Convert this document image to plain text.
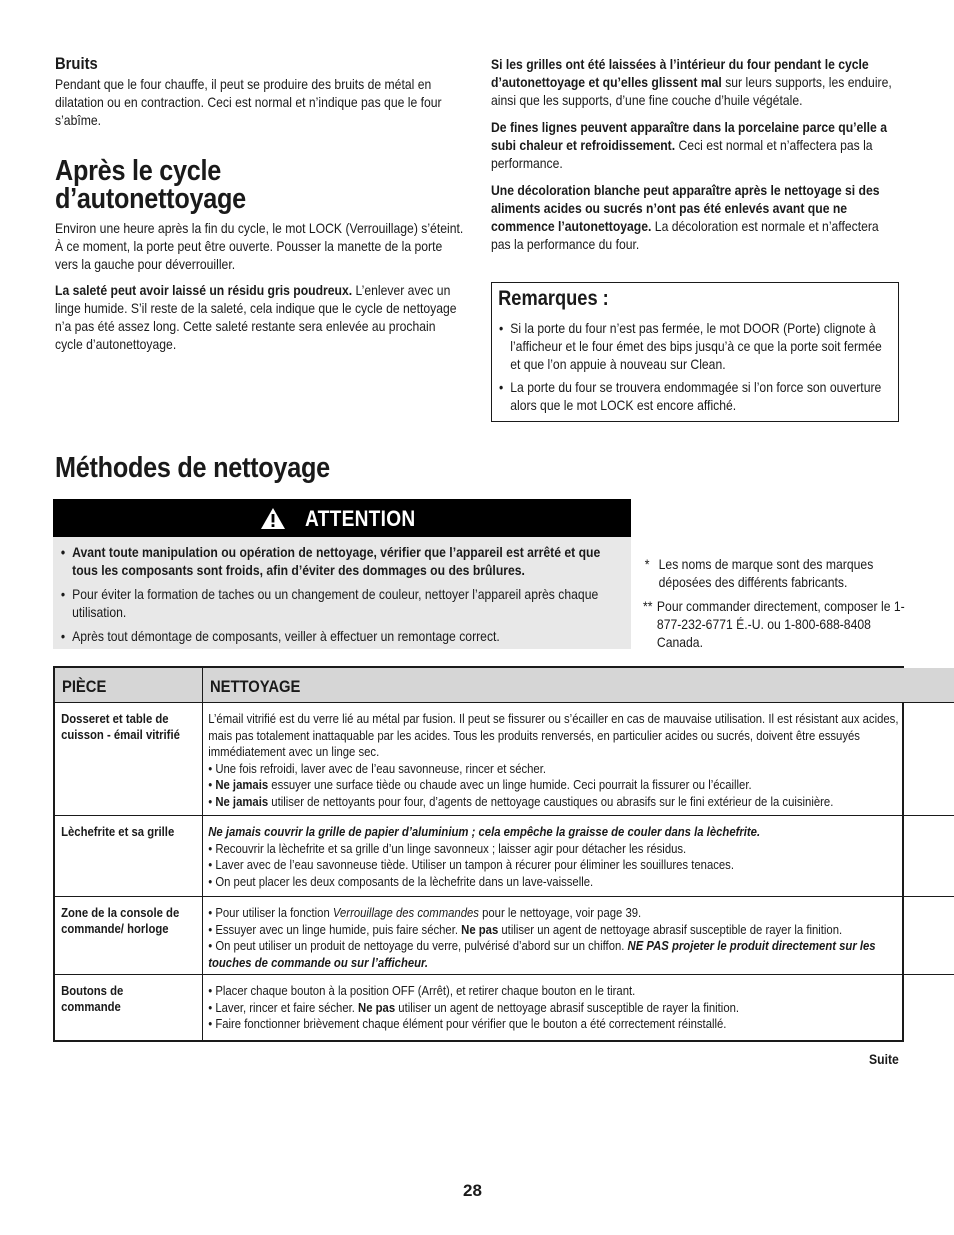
Bruits

Pendant que le four chauffe, il peut se produire des bruits de métal en dilatation ou en contraction. Ceci est normal et n’indique pas que le four s’abîme.

Après le cycle
d’autonettoyage

Environ une heure après la fin du cycle, le mot LOCK (Verrouillage) s’éteint. À ce moment, la porte peut être ouverte. Pousser la manette de la porte vers la gauche pour déverrouiller.

La saleté peut avoir laissé un résidu gris poudreux. L’enlever avec un linge humide. S’il reste de la saleté, cela indique que le cycle de nettoyage n’a pas été assez long. Cette saleté restante sera enlevée au prochain cycle d’autonettoyage.

Si les grilles ont été laissées à l’intérieur du four pendant le cycle d’autonettoyage et qu’elles glissent mal sur leurs supports, les enduire, ainsi que les supports, d’une fine couche d’huile végétale.

De fines lignes peuvent apparaître dans la porcelaine parce qu’elle a subi chaleur et refroidissement. Ceci est normal et n’affectera pas la performance.

Une décoloration blanche peut apparaître après le nettoyage si des aliments acides ou sucrés n’ont pas été enlevés avant que ne commence l’autonettoyage. La décoloration est normale et n’affectera pas la performance du four.

Remarques :
• Si la porte du four n’est pas fermée, le mot DOOR (Porte) clignote à l’afficheur et le four émet des bips jusqu’à ce que la porte soit fermée et que l’on appuie à nouveau sur Clean.
• La porte du four se trouvera endommagée si l’on force son ouverture alors que le mot LOCK est encore affiché.
Méthodes de nettoyage
ATTENTION
• Avant toute manipulation ou opération de nettoyage, vérifier que l’appareil est arrêté et que tous les composants sont froids, afin d’éviter des dommages ou des brûlures.
• Pour éviter la formation de taches ou un changement de couleur, nettoyer l’appareil après chaque utilisation.
• Après tout démontage de composants, veiller à effectuer un remontage correct.
* Les noms de marque sont des marques déposées des différents fabricants.
** Pour commander directement, composer le 1-877-232-6771 É.-U. ou 1-800-688-8408 Canada.
PIÈCE	NETTOYAGE

Dosseret et table de cuisson - émail vitrifié	L’émail vitrifié est du verre lié au métal par fusion. Il peut se fissurer ou s’écailler en cas de mauvaise utilisation. Il est résistant aux acides, mais pas totalement inattaquable par les acides. Tous les produits renversés, en particulier acides ou sucrés, doivent être essuyés immédiatement avec un linge sec.

• Une fois refroidi, laver avec de l’eau savonneuse, rincer et sécher.

• Ne jamais essuyer une surface tiède ou chaude avec un linge humide. Ceci pourrait la fissurer ou l’écailler.

• Ne jamais utiliser de nettoyants pour four, d’agents de nettoyage caustiques ou abrasifs sur le fini extérieur de la cuisinière.

Lèchefrite et sa grille	Ne jamais couvrir la grille de papier d’aluminium ; cela empêche la graisse de couler dans la lèchefrite.

• Recouvrir la lèchefrite et sa grille d’un linge savonneux ; laisser agir pour détacher les résidus.

• Laver avec de l’eau savonneuse tiède. Utiliser un tampon à récurer pour éliminer les souillures tenaces.

• On peut placer les deux composants de la lèchefrite dans un lave-vaisselle.

Zone de la console de commande/ horloge	• Pour utiliser la fonction Verrouillage des commandes pour le nettoyage, voir page 39.

• Essuyer avec un linge humide, puis faire sécher. Ne pas utiliser un agent de nettoyage abrasif susceptible de rayer la finition.

• On peut utiliser un produit de nettoyage du verre, pulvérisé d’abord sur un chiffon. NE PAS projeter le produit directement sur les touches de commande ou sur l’afficheur.

Boutons de commande	• Placer chaque bouton à la position OFF (Arrêt), et retirer chaque bouton en le tirant.

• Laver, rincer et faire sécher. Ne pas utiliser un agent de nettoyage abrasif susceptible de rayer la finition.

• Faire fonctionner brièvement chaque élément pour vérifier que le bouton a été correctement réinstallé.

Suite
28
